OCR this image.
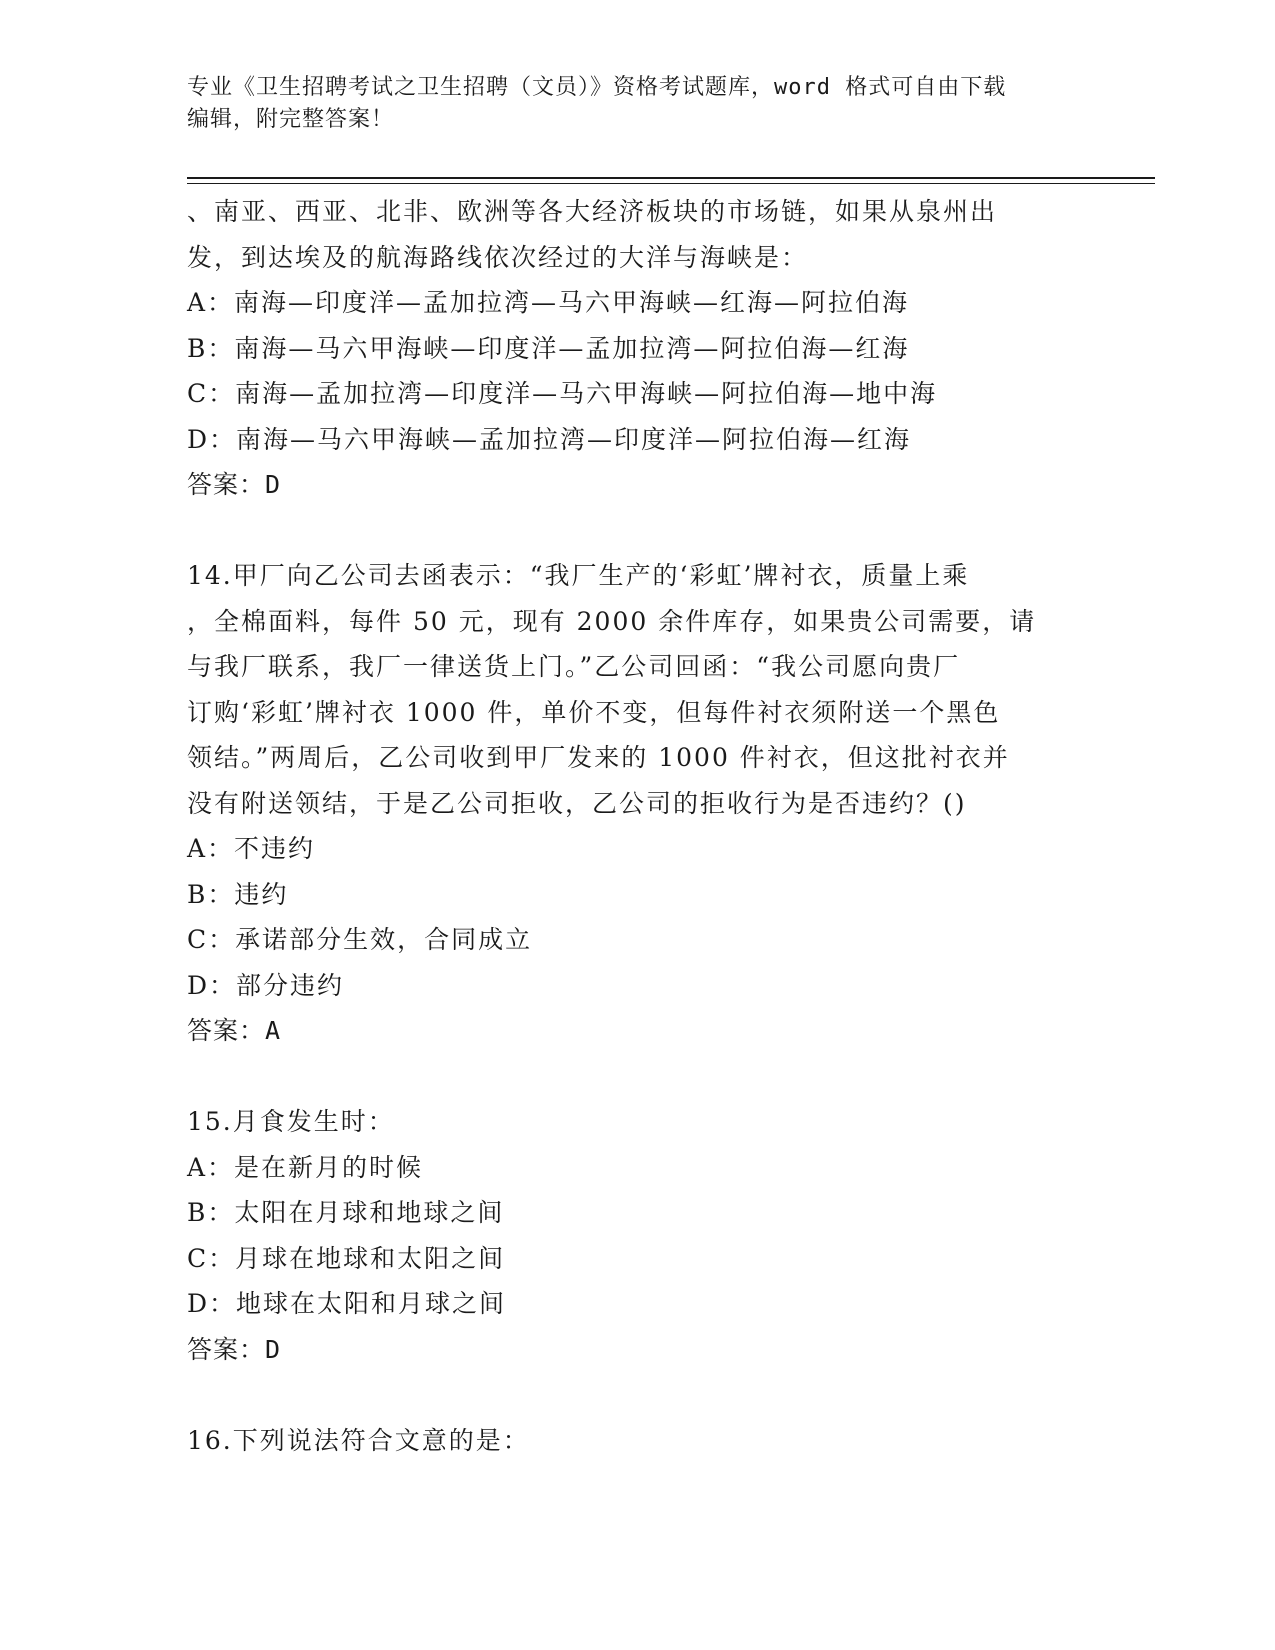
专业《卫生招聘考试之卫生招聘（文员）》资格考试题库，word 格式可自由下载
编辑，附完整答案！
、南亚、西亚、北非、欧洲等各大经济板块的市场链，如果从泉州出
发，到达埃及的航海路线依次经过的大洋与海峡是：
A：南海—印度洋—孟加拉湾—马六甲海峡—红海—阿拉伯海
B：南海—马六甲海峡—印度洋—孟加拉湾—阿拉伯海—红海
C：南海—孟加拉湾—印度洋—马六甲海峡—阿拉伯海—地中海
D：南海—马六甲海峡—孟加拉湾—印度洋—阿拉伯海—红海
答案：D
14.甲厂向乙公司去函表示：“我厂生产的‘彩虹’牌衬衣，质量上乘
，全棉面料，每件 50 元，现有 2000 余件库存，如果贵公司需要，请
与我厂联系，我厂一律送货上门。”乙公司回函：“我公司愿向贵厂
订购‘彩虹’牌衬衣 1000 件，单价不变，但每件衬衣须附送一个黑色
领结。”两周后，乙公司收到甲厂发来的 1000 件衬衣，但这批衬衣并
没有附送领结，于是乙公司拒收，乙公司的拒收行为是否违约？()
A：不违约
B：违约
C：承诺部分生效，合同成立
D：部分违约
答案：A
15.月食发生时：
A：是在新月的时候
B：太阳在月球和地球之间
C：月球在地球和太阳之间
D：地球在太阳和月球之间
答案：D
16.下列说法符合文意的是：
